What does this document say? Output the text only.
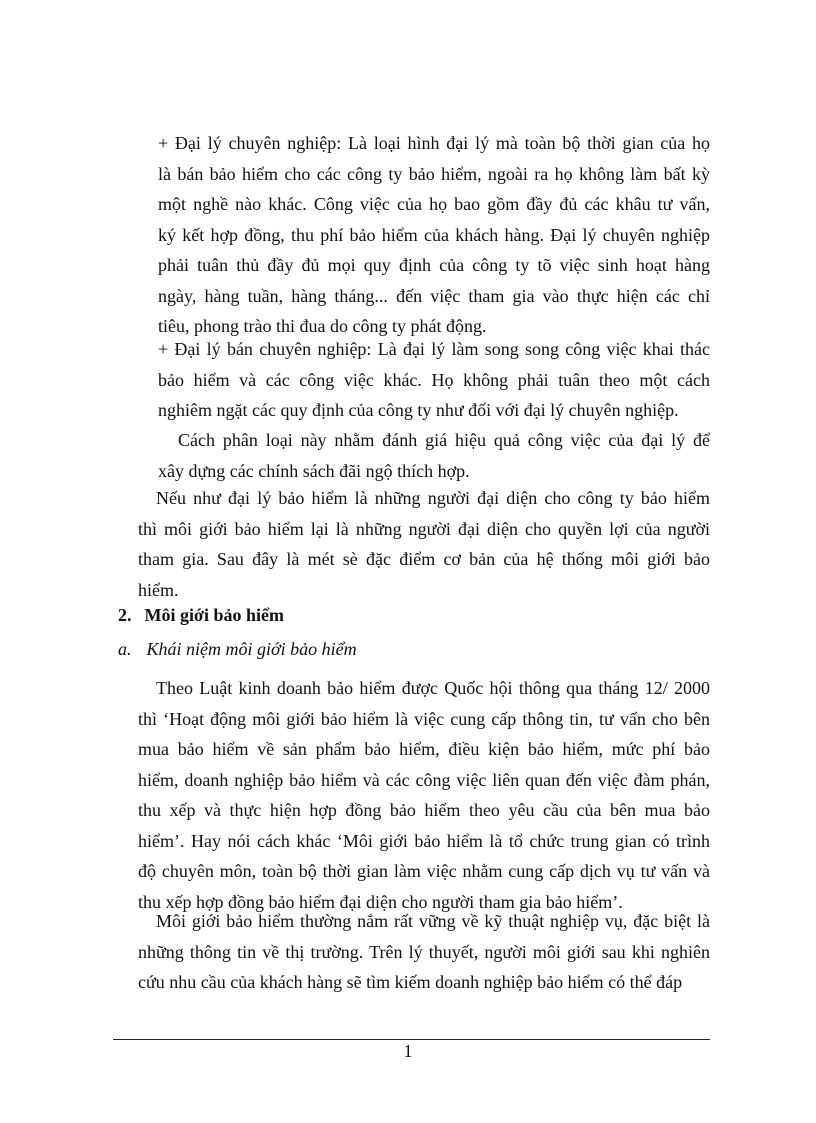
+ Đại lý chuyên nghiệp: Là loại hình đại lý mà toàn bộ thời gian của họ
là bán bảo hiểm cho các công ty bảo hiểm, ngoài ra họ không làm bất kỳ
một nghề nào khác. Công việc của họ bao gồm đầy đủ các khâu tư vấn,
ký kết hợp đồng, thu phí bảo hiểm của khách hàng. Đại lý chuyên nghiệp
phải tuân thủ đầy đủ mọi quy định của công ty tõ việc sinh hoạt hàng
ngày, hàng tuần, hàng tháng... đến việc tham gia vào thực hiện các chỉ
tiêu, phong trào thi đua do công ty phát động.
+ Đại lý bán chuyên nghiệp: Là đại lý làm song song công việc khai thác
bảo hiểm và các công việc khác. Họ không phải tuân theo một cách
nghiêm ngặt các quy định của công ty như đối với đại lý chuyên nghiệp.
Cách phân loại này nhằm đánh giá hiệu quả công việc của đại lý để
xây dựng các chính sách đãi ngộ thích hợp.
Nếu như đại lý bảo hiểm là những người đại diện cho công ty bảo hiểm
thì môi giới bảo hiểm lại là những người đại diện cho quyền lợi của người
tham gia. Sau đây là mét sè đặc điểm cơ bản của hệ thống môi giới bảo
hiểm.
2. Môi giới bảo hiểm
a. Khái niệm môi giới bảo hiểm
Theo Luật kinh doanh bảo hiểm được Quốc hội thông qua tháng 12/ 2000
thì ‘Hoạt động môi giới bảo hiểm là việc cung cấp thông tin, tư vấn cho bên
mua bảo hiểm về sản phẩm bảo hiểm, điều kiện bảo hiểm, mức phí bảo
hiểm, doanh nghiệp bảo hiểm và các công việc liên quan đến việc đàm phán,
thu xếp và thực hiện hợp đồng bảo hiểm theo yêu cầu của bên mua bảo
hiểm’. Hay nói cách khác ‘Môi giới bảo hiểm là tổ chức trung gian có trình
độ chuyên môn, toàn bộ thời gian làm việc nhằm cung cấp dịch vụ tư vấn và
thu xếp hợp đồng bảo hiểm đại diện cho người tham gia bảo hiểm’.
Môi giới bảo hiểm thường nắm rất vững về kỹ thuật nghiệp vụ, đặc biệt là
những thông tin về thị trường. Trên lý thuyết, người môi giới sau khi nghiên
cứu nhu cầu của khách hàng sẽ tìm kiếm doanh nghiệp bảo hiểm có thể đáp
1
